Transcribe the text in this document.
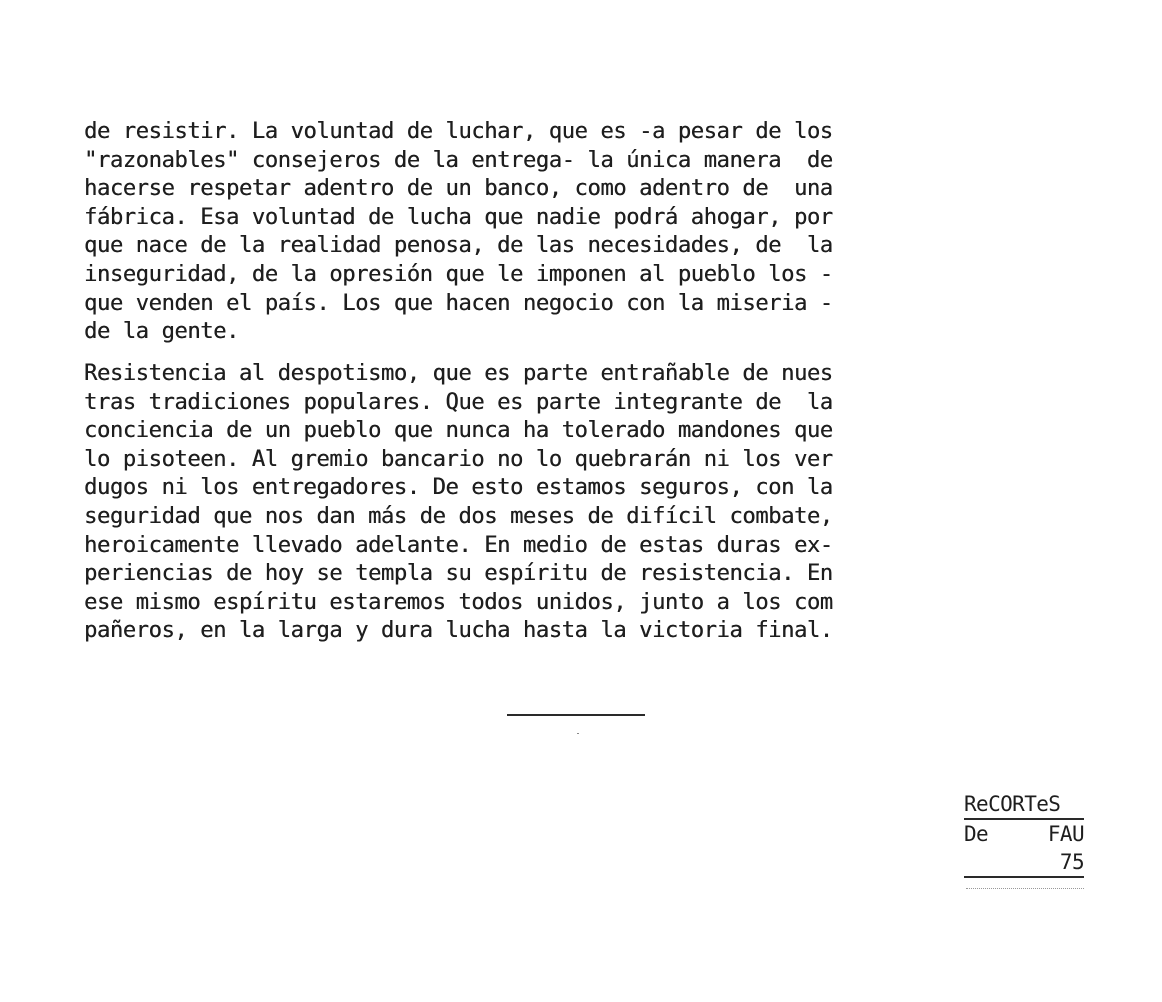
de resistir. La voluntad de luchar, que es -a pesar de los
"razonables" consejeros de la entrega- la única manera  de
hacerse respetar adentro de un banco, como adentro de  una
fábrica. Esa voluntad de lucha que nadie podrá ahogar, por
que nace de la realidad penosa, de las necesidades, de  la
inseguridad, de la opresión que le imponen al pueblo los -
que venden el país. Los que hacen negocio con la miseria -
de la gente.
Resistencia al despotismo, que es parte entrañable de nues
tras tradiciones populares. Que es parte integrante de  la
conciencia de un pueblo que nunca ha tolerado mandones que
lo pisoteen. Al gremio bancario no lo quebrarán ni los ver
dugos ni los entregadores. De esto estamos seguros, con la
seguridad que nos dan más de dos meses de difícil combate,
heroicamente llevado adelante. En medio de estas duras ex-
periencias de hoy se templa su espíritu de resistencia. En
ese mismo espíritu estaremos todos unidos, junto a los com
pañeros, en la larga y dura lucha hasta la victoria final.
ReCORTeS
De	FAU
75
